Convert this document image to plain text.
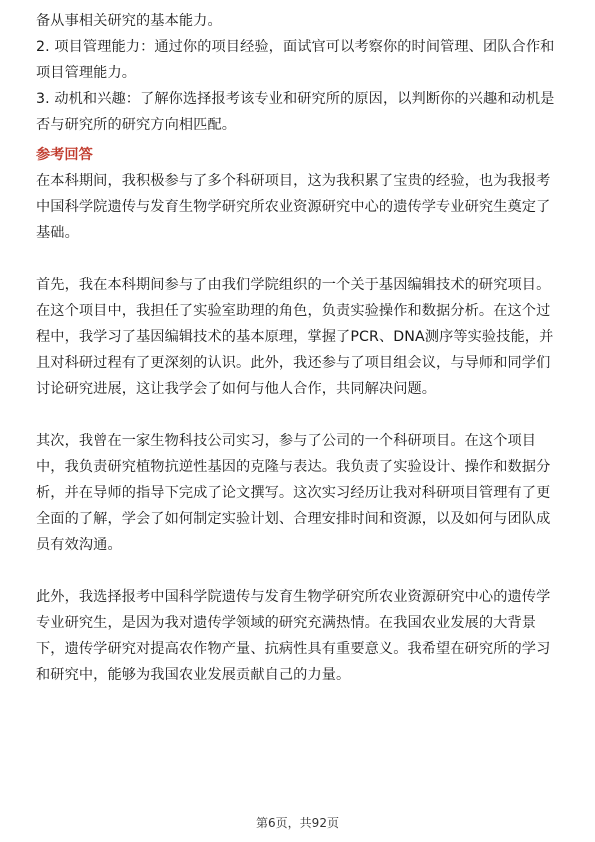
备从事相关研究的基本能力。
2. 项目管理能力：通过你的项目经验，面试官可以考察你的时间管理、团队合作和
项目管理能力。
3. 动机和兴趣：了解你选择报考该专业和研究所的原因，以判断你的兴趣和动机是
否与研究所的研究方向相匹配。
参考回答
在本科期间，我积极参与了多个科研项目，这为我积累了宝贵的经验，也为我报考
中国科学院遗传与发育生物学研究所农业资源研究中心的遗传学专业研究生奠定了
基础。
首先，我在本科期间参与了由我们学院组织的一个关于基因编辑技术的研究项目。
在这个项目中，我担任了实验室助理的角色，负责实验操作和数据分析。在这个过
程中，我学习了基因编辑技术的基本原理，掌握了PCR、DNA测序等实验技能，并
且对科研过程有了更深刻的认识。此外，我还参与了项目组会议，与导师和同学们
讨论研究进展，这让我学会了如何与他人合作，共同解决问题。
其次，我曾在一家生物科技公司实习，参与了公司的一个科研项目。在这个项目
中，我负责研究植物抗逆性基因的克隆与表达。我负责了实验设计、操作和数据分
析，并在导师的指导下完成了论文撰写。这次实习经历让我对科研项目管理有了更
全面的了解，学会了如何制定实验计划、合理安排时间和资源，以及如何与团队成
员有效沟通。
此外，我选择报考中国科学院遗传与发育生物学研究所农业资源研究中心的遗传学
专业研究生，是因为我对遗传学领域的研究充满热情。在我国农业发展的大背景
下，遗传学研究对提高农作物产量、抗病性具有重要意义。我希望在研究所的学习
和研究中，能够为我国农业发展贡献自己的力量。
第6页，共92页
